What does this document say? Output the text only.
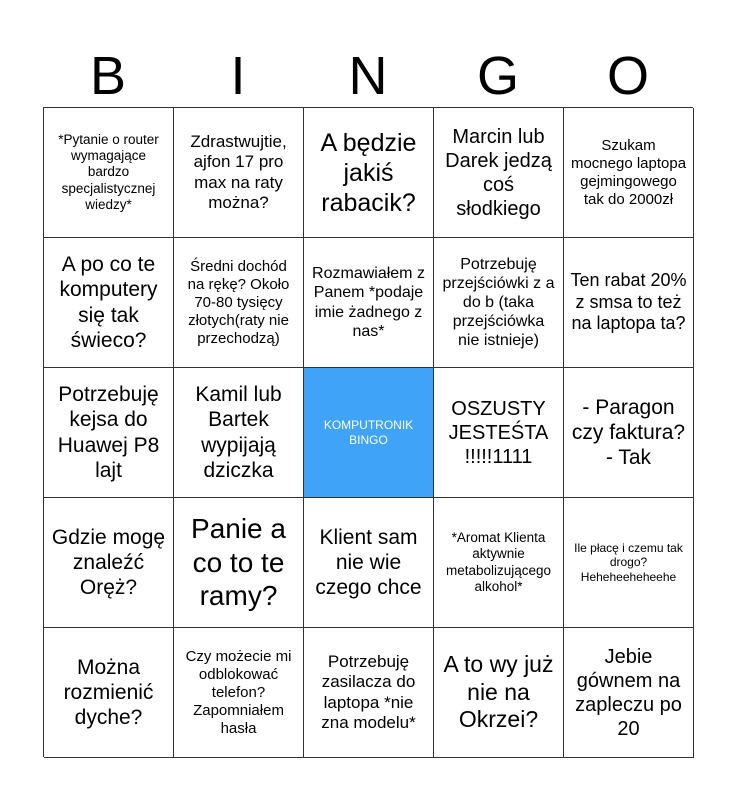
B	I	N	G	O
*Pytanie o router wymagające bardzo specjalistycznej wiedzy*
Zdrastwujtie, ajfon 17 pro max na raty można?
A będzie jakiś rabacik?
Marcin lub Darek jedzą coś słodkiego
Szukam mocnego laptopa gejmingowego tak do 2000zł
A po co te komputery się tak świeco?
Średni dochód na rękę? Około 70-80 tysięcy złotych(raty nie przechodzą)
Rozmawiałem z Panem *podaje imie żadnego z nas*
Potrzebuję przejściówki z a do b (taka przejściówka nie istnieje)
Ten rabat 20% z smsa to też na laptopa ta?
Potrzebuję kejsa do Huawej P8 lajt
Kamil lub Bartek wypijają dziczka
KOMPUTRONIK BINGO
OSZUSTY JESTEŚTA !!!!!1111
- Paragon czy faktura?
- Tak
Gdzie mogę znaleźć Oręż?
Panie a co to te ramy?
Klient sam nie wie czego chce
*Aromat Klienta aktywnie metabolizującego alkohol*
Ile płacę i czemu tak drogo? Heheheeheheehe
Można rozmienić dyche?
Czy możecie mi odblokować telefon? Zapomniałem hasła
Potrzebuję zasilacza do laptopa *nie zna modelu*
A to wy już nie na Okrzei?
Jebie gównem na zapleczu po 20
